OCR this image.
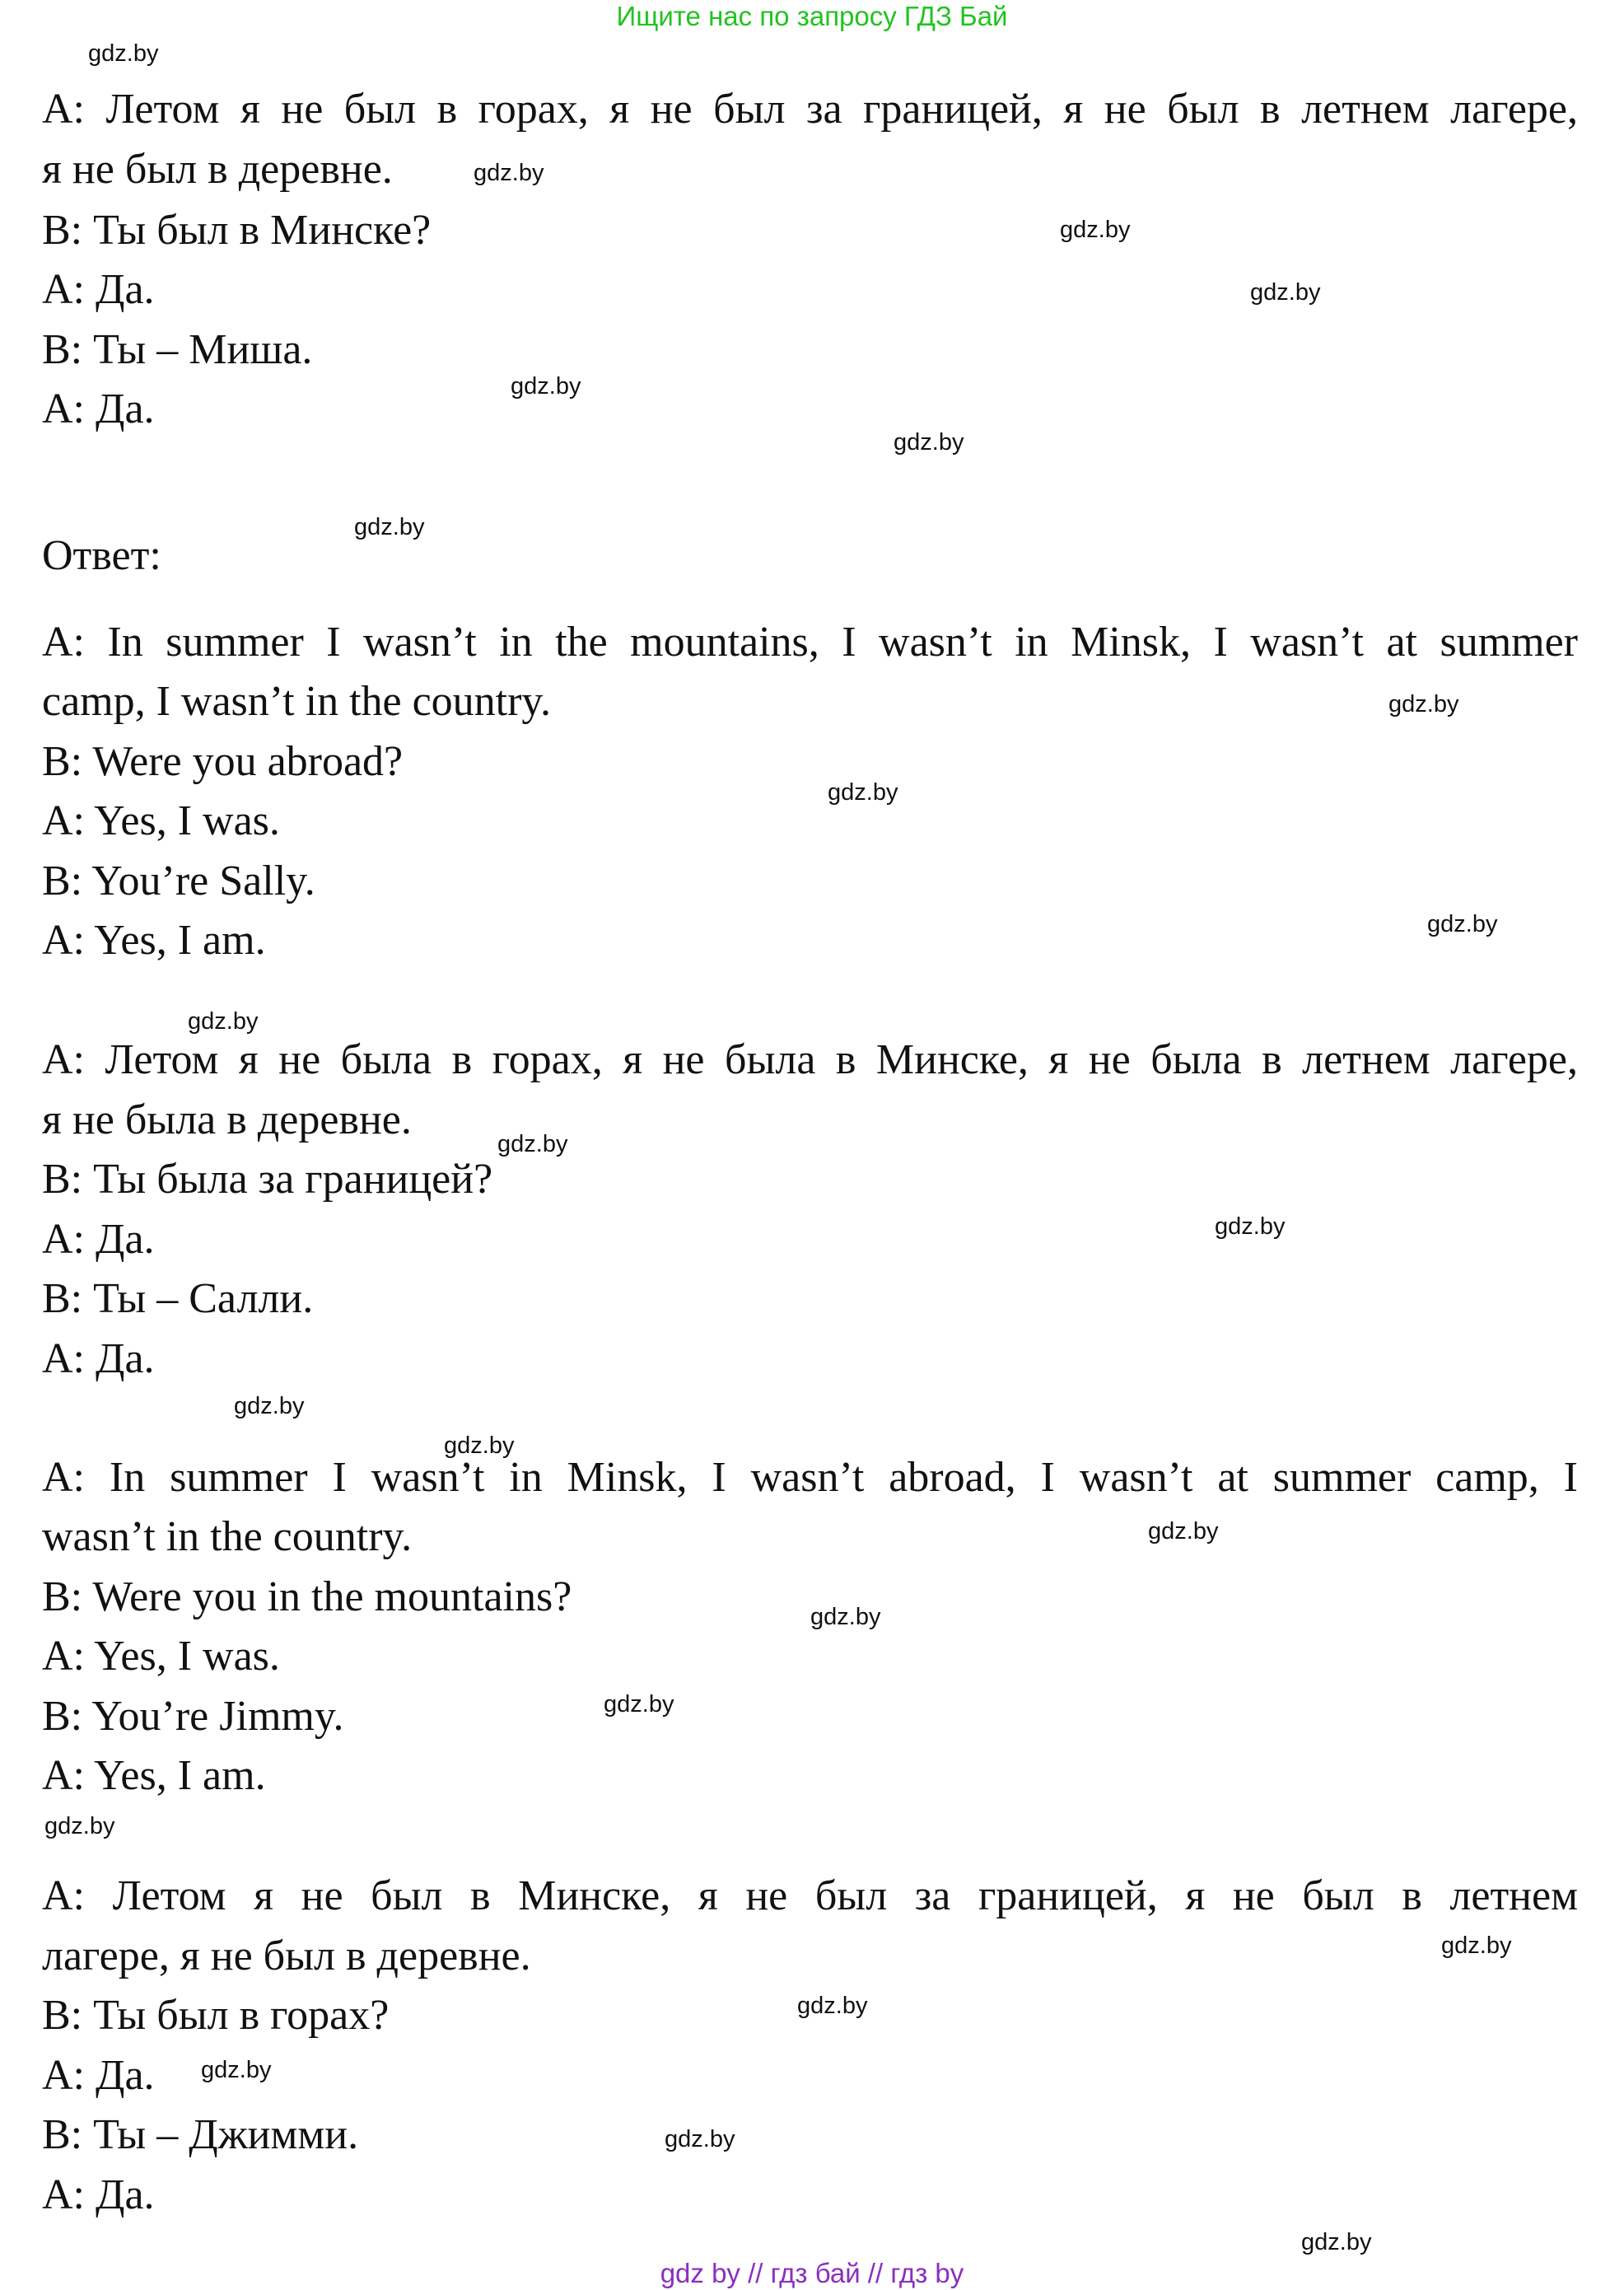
Ищите нас по запросу ГДЗ Бай
А: Летом я не был в горах, я не был за границей, я не был в летнем лагере,
я не был в деревне.
В: Ты был в Минске?
А: Да.
В: Ты – Миша.
А: Да.
Ответ:
A: In summer I wasn’t in the mountains, I wasn’t in Minsk, I wasn’t at summer
camp, I wasn’t in the country.
B: Were you abroad?
A: Yes, I was.
B: You’re Sally.
A: Yes, I am.
А: Летом я не была в горах, я не была в Минске, я не была в летнем лагере,
я не была в деревне.
В: Ты была за границей?
А: Да.
В: Ты – Салли.
А: Да.
A: In summer I wasn’t in Minsk, I wasn’t abroad, I wasn’t at summer camp, I
wasn’t in the country.
B: Were you in the mountains?
A: Yes, I was.
B: You’re Jimmy.
A: Yes, I am.
А: Летом я не был в Минске, я не был за границей, я не был в летнем
лагере, я не был в деревне.
В: Ты был в горах?
А: Да.
В: Ты – Джимми.
А: Да.
gdz.by
gdz.by
gdz.by
gdz.by
gdz.by
gdz.by
gdz.by
gdz.by
gdz.by
gdz.by
gdz.by
gdz.by
gdz.by
gdz.by
gdz.by
gdz.by
gdz.by
gdz.by
gdz.by
gdz.by
gdz.by
gdz.by
gdz.by
gdz.by
gdz by // гдз бай // гдз by
